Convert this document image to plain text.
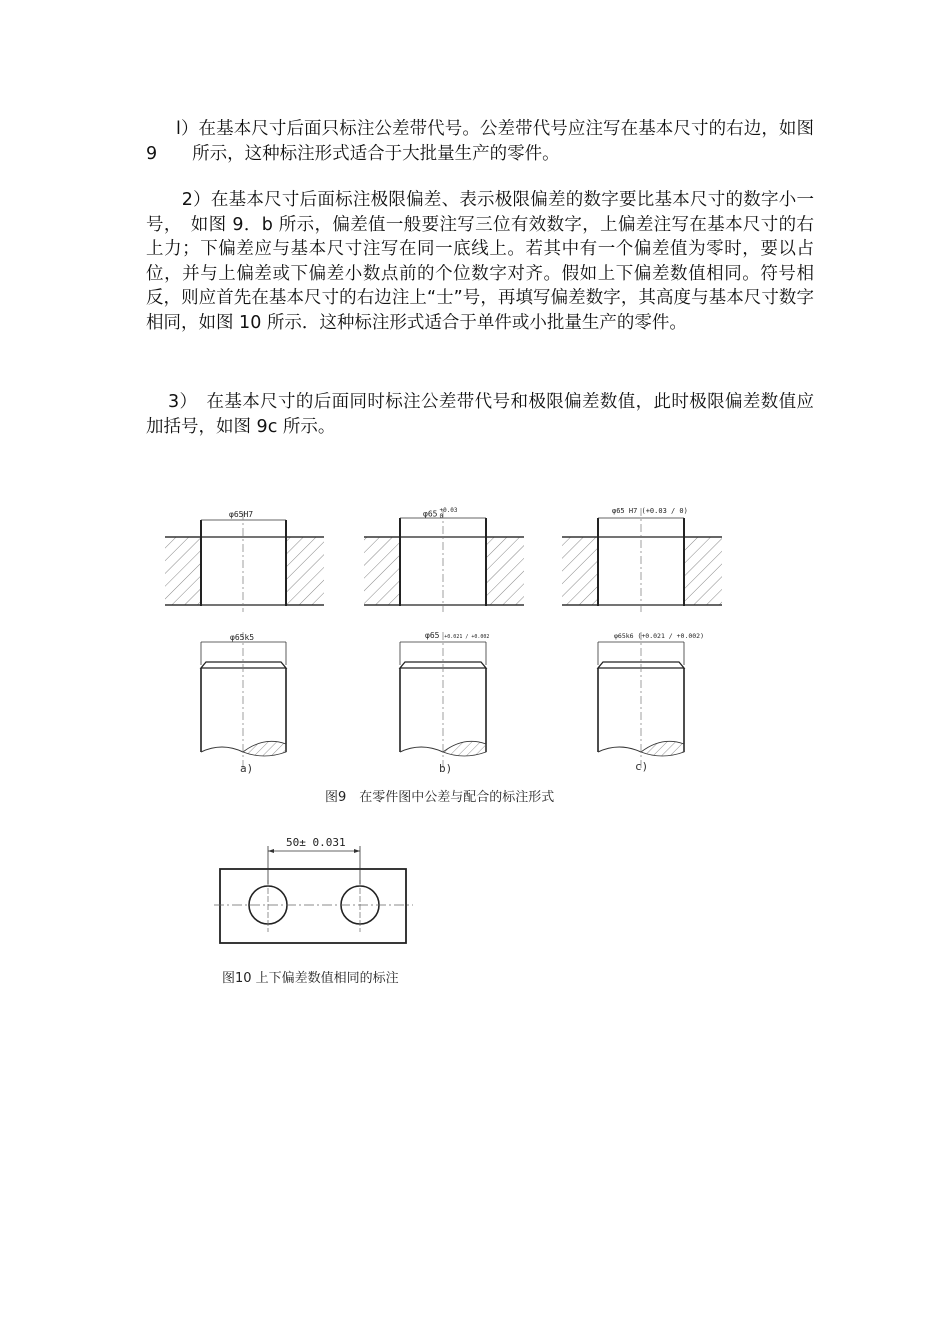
l）在基本尺寸后面只标注公差带代号。公差带代号应注写在基本尺寸的右边，如图 9　　所示，这种标注形式适合于大批量生产的零件。

　2）在基本尺寸后面标注极限偏差、表示极限偏差的数字要比基本尺寸的数字小一号，　如图 9．b 所示，偏差值一般要注写三位有效数字，上偏差注写在基本尺寸的右上力；下偏差应与基本尺寸注写在同一底线上。若其中有一个偏差值为零时，要以占位，并与上偏差或下偏差小数点前的个位数字对齐。假如上下偏差数值相同。符号相反，则应首先在基本尺寸的右边注上“士”号，再填写偏差数字，其高度与基本尺寸数字相同，如图 10 所示．这种标注形式适合于单件或小批量生产的零件。

3）　在基本尺寸的后面同时标注公差带代号和极限偏差数值，此时极限偏差数值应加括号，如图 9c 所示。

φ65H7	φ65 +0.03
0
φ65 H7 (+0.03 / 0)
φ65k5	φ65 +0.021 / +0.002	φ65k6 (+0.021 / +0.002)
a)	b)	c)
图9　在零件图中公差与配合的标注形式
50± 0.031
图10 上下偏差数值相同的标注
